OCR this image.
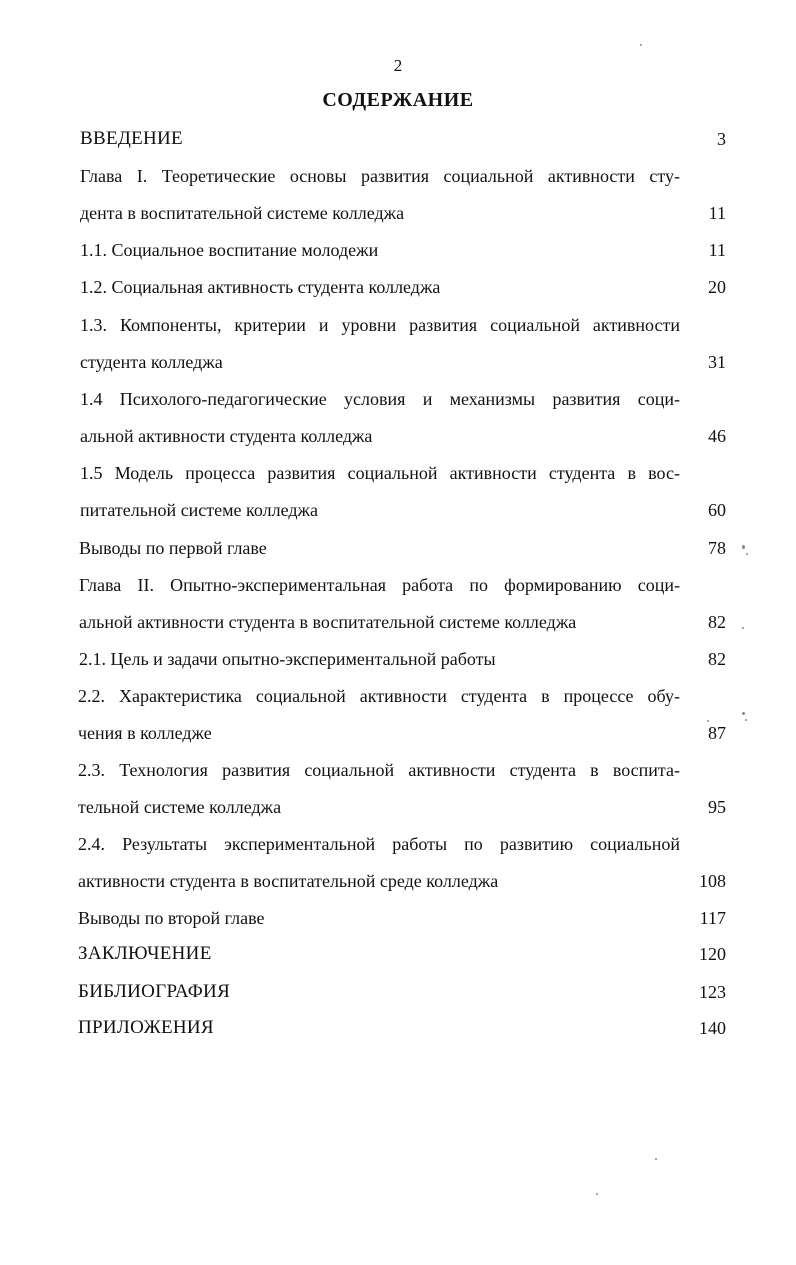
2
СОДЕРЖАНИЕ
ВВЕДЕНИЕ	3
Глава I. Теоретические основы развития социальной активности сту-
дента в воспитательной системе колледжа	11
1.1. Социальное воспитание молодежи	11
1.2. Социальная активность студента колледжа	20
1.3. Компоненты, критерии и уровни развития социальной активности
студента колледжа	31
1.4 Психолого-педагогические условия и механизмы развития соци-
альной активности студента колледжа	46
1.5 Модель процесса развития социальной активности студента в вос-
питательной системе колледжа	60
Выводы по первой главе	78
Глава II. Опытно-экспериментальная работа по формированию соци-
альной активности студента в воспитательной системе колледжа	82
2.1. Цель и задачи опытно-экспериментальной работы	82
2.2. Характеристика социальной активности студента в процессе обу-
чения в колледже	87
2.3. Технология развития социальной активности студента в воспита-
тельной системе колледжа	95
2.4. Результаты экспериментальной работы по развитию социальной
активности студента в воспитательной среде колледжа	108
Выводы по второй главе	117
ЗАКЛЮЧЕНИЕ	120
БИБЛИОГРАФИЯ	123
ПРИЛОЖЕНИЯ	140
